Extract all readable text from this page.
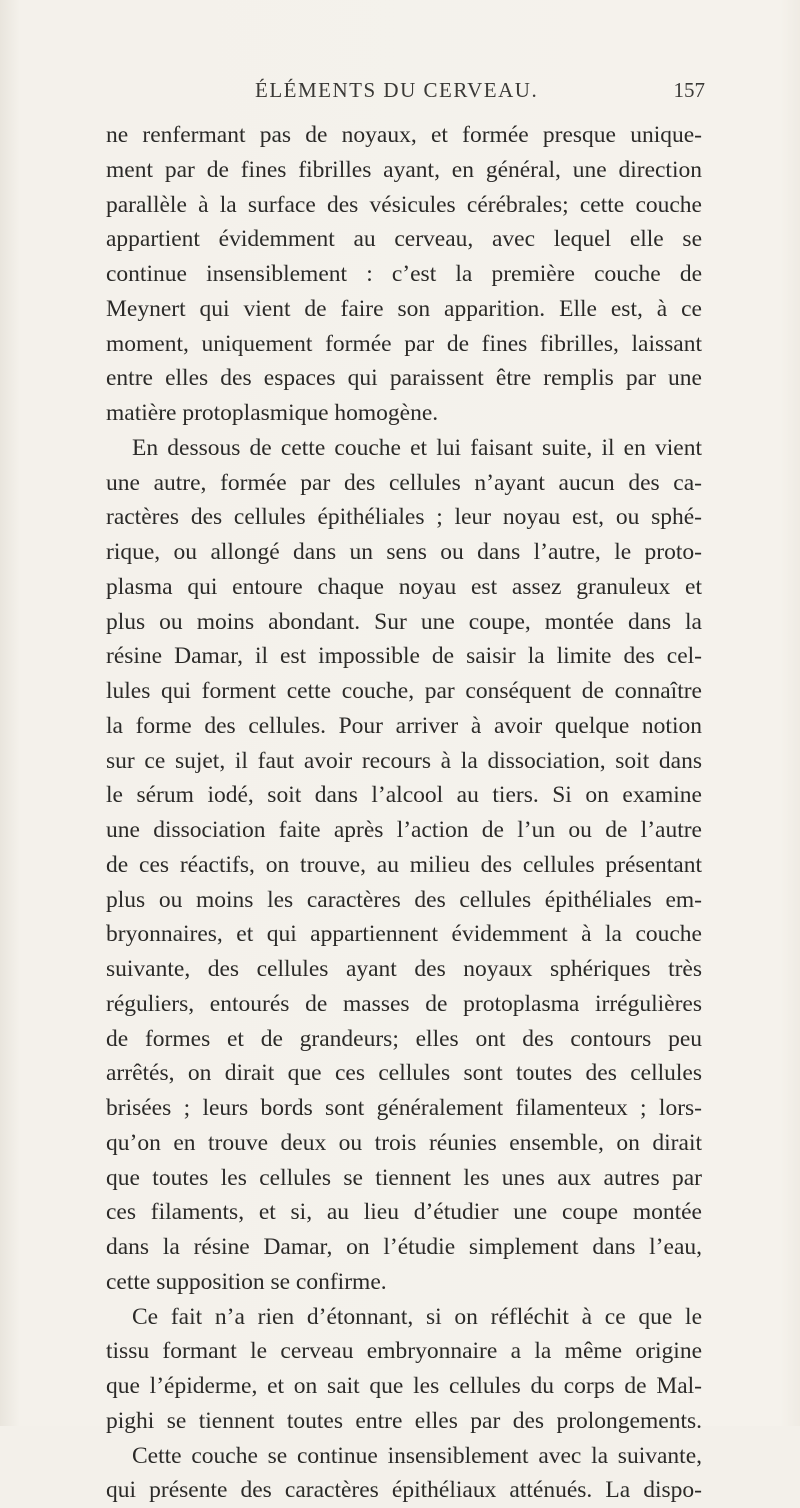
ÉLÉMENTS DU CERVEAU.	157
ne renfermant pas de noyaux, et formée presque unique-
ment par de fines fibrilles ayant, en général, une direction
parallèle à la surface des vésicules cérébrales; cette couche
appartient évidemment au cerveau, avec lequel elle se
continue insensiblement : c’est la première couche de
Meynert qui vient de faire son apparition. Elle est, à ce
moment, uniquement formée par de fines fibrilles, laissant
entre elles des espaces qui paraissent être remplis par une
matière protoplasmique homogène.
En dessous de cette couche et lui faisant suite, il en vient
une autre, formée par des cellules n’ayant aucun des ca-
ractères des cellules épithéliales ; leur noyau est, ou sphé-
rique, ou allongé dans un sens ou dans l’autre, le proto-
plasma qui entoure chaque noyau est assez granuleux et
plus ou moins abondant. Sur une coupe, montée dans la
résine Damar, il est impossible de saisir la limite des cel-
lules qui forment cette couche, par conséquent de connaître
la forme des cellules. Pour arriver à avoir quelque notion
sur ce sujet, il faut avoir recours à la dissociation, soit dans
le sérum iodé, soit dans l’alcool au tiers. Si on examine
une dissociation faite après l’action de l’un ou de l’autre
de ces réactifs, on trouve, au milieu des cellules présentant
plus ou moins les caractères des cellules épithéliales em-
bryonnaires, et qui appartiennent évidemment à la couche
suivante, des cellules ayant des noyaux sphériques très
réguliers, entourés de masses de protoplasma irrégulières
de formes et de grandeurs; elles ont des contours peu
arrêtés, on dirait que ces cellules sont toutes des cellules
brisées ; leurs bords sont généralement filamenteux ; lors-
qu’on en trouve deux ou trois réunies ensemble, on dirait
que toutes les cellules se tiennent les unes aux autres par
ces filaments, et si, au lieu d’étudier une coupe montée
dans la résine Damar, on l’étudie simplement dans l’eau,
cette supposition se confirme.
Ce fait n’a rien d’étonnant, si on réfléchit à ce que le
tissu formant le cerveau embryonnaire a la même origine
que l’épiderme, et on sait que les cellules du corps de Mal-
pighi se tiennent toutes entre elles par des prolongements.
Cette couche se continue insensiblement avec la suivante,
qui présente des caractères épithéliaux atténués. La dispo-
